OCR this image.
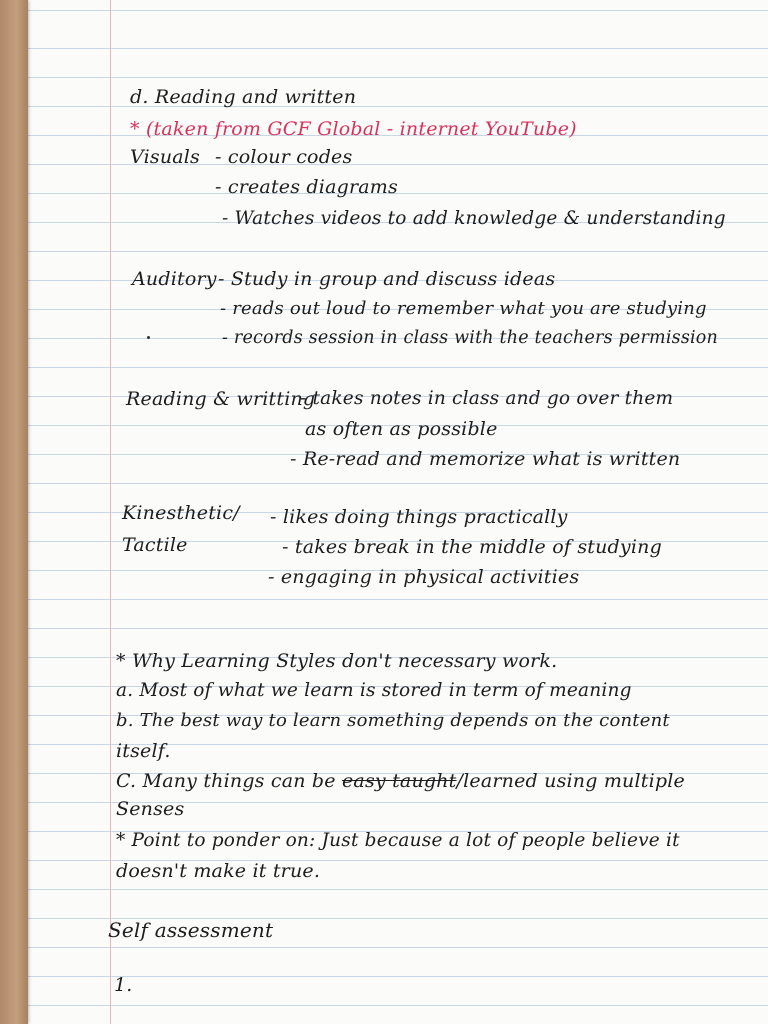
d. Reading and written
* (taken from GCF Global - internet YouTube)
Visuals - colour codes
- creates diagrams
- Watches videos to add knowledge & understanding
Auditory - Study in group and discuss ideas
- reads out loud to remember what you are studying
- records session in class with the teachers permission
Reading & writting
- takes notes in class and go over them
as often as possible
- Re-read and memorize what is written
Kinesthetic/ - likes doing things practically
Tactile	- takes break in the middle of studying
- engaging in physical activities
* Why Learning Styles don't necessary work.
a. Most of what we learn is stored in term of meaning
b. The best way to learn something depends on the content
itself.
C. Many things can be easy taught/learned using multiple
Senses
* Point to ponder on: Just because a lot of people believe it
doesn't make it true.
Self assessment
1.
